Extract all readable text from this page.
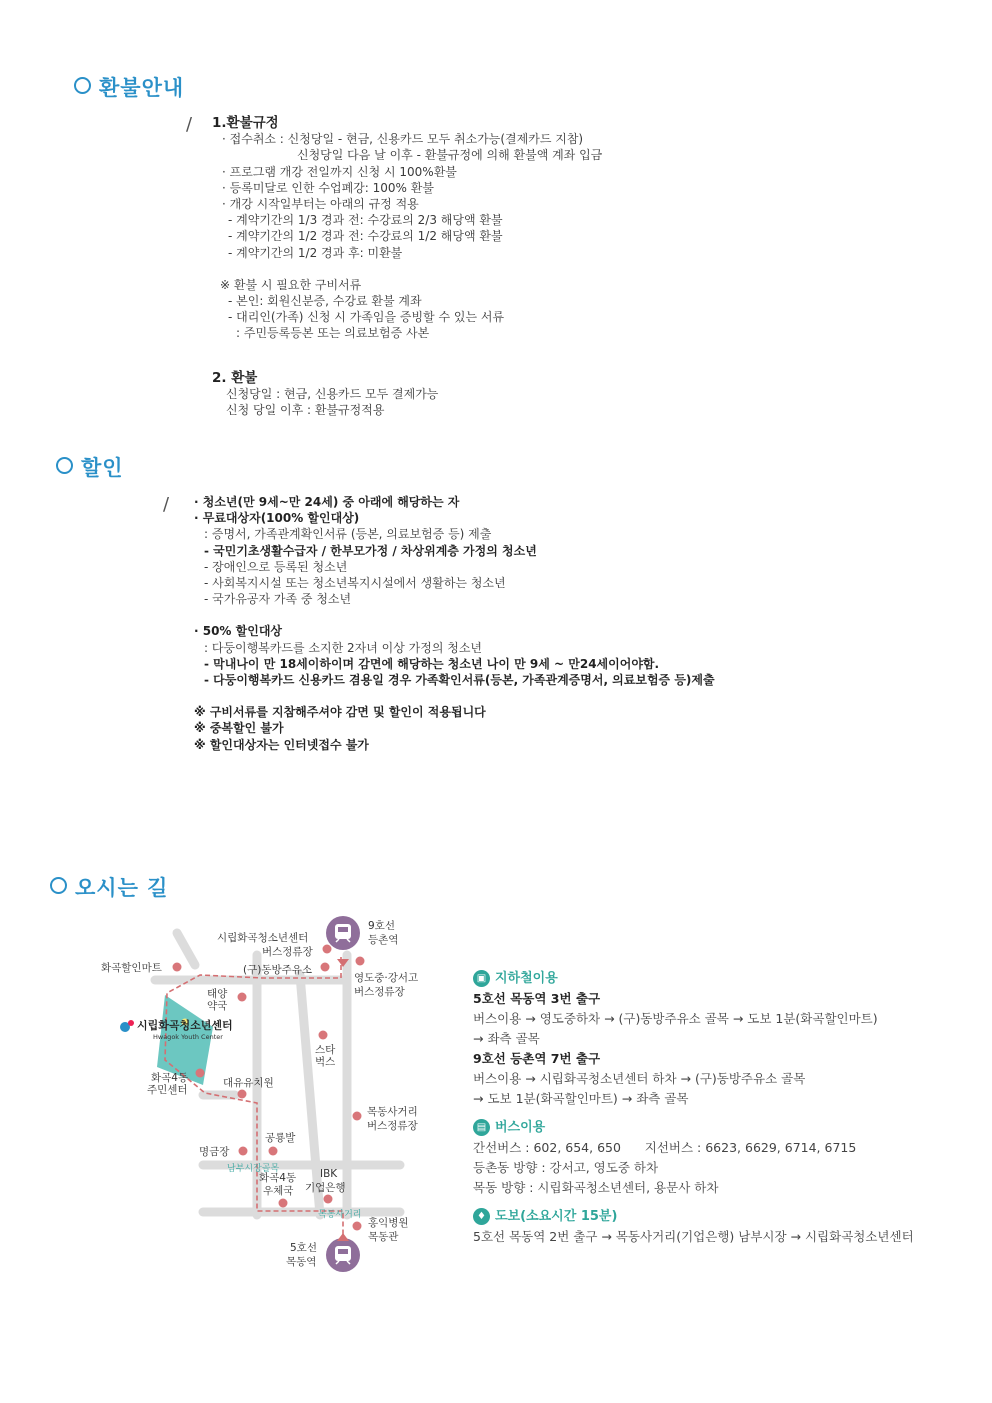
환불안내
/ 1.환불규정
· 접수취소 : 신청당일 - 현금, 신용카드 모두 취소가능(결제카드 지참)
신청당일 다음 날 이후 - 환불규정에 의해 환불액 계좌 입금
· 프로그램 개강 전일까지 신청 시 100%환불
· 등록미달로 인한 수업폐강: 100% 환불
· 개강 시작일부터는 아래의 규정 적용
- 계약기간의 1/3 경과 전: 수강료의 2/3 해당액 환불
- 계약기간의 1/2 경과 전: 수강료의 1/2 해당액 환불
- 계약기간의 1/2 경과 후: 미환불
※ 환불 시 필요한 구비서류
- 본인: 회원신분증, 수강료 환불 계좌
- 대리인(가족) 신청 시 가족임을 증빙할 수 있는 서류
: 주민등록등본 또는 의료보험증 사본
2. 환불
신청당일 : 현금, 신용카드 모두 결제가능
신청 당일 이후 : 환불규정적용
할인
/ · 청소년(만 9세~만 24세) 중 아래에 해당하는 자
· 무료대상자(100% 할인대상)
: 증명서, 가족관계확인서류 (등본, 의료보험증 등) 제출
- 국민기초생활수급자 / 한부모가정 / 차상위계층 가정의 청소년
- 장애인으로 등록된 청소년
- 사회복지시설 또는 청소년복지시설에서 생활하는 청소년
- 국가유공자 가족 중 청소년
· 50% 할인대상
: 다둥이행복카드를 소지한 2자녀 이상 가정의 청소년
- 막내나이 만 18세이하이며 감면에 해당하는 청소년 나이 만 9세 ~ 만24세이어야함.
- 다둥이행복카드 신용카드 겸용일 경우 가족확인서류(등본, 가족관계증명서, 의료보험증 등)제출
※ 구비서류를 지참해주셔야 감면 및 할인이 적용됩니다
※ 중복할인 불가
※ 할인대상자는 인터넷접수 불가
오시는 길
9호선
등촌역
시립화곡청소년센터
버스정류장
(구)동방주유소
화곡할인마트
영도중·강서고
버스정류장
태양
약국
시립화곡청소년센터
Hwagok Youth Center
스타
벅스
화곡4동
주민센터
대유유치원
목동사거리
버스정류장
공룡발
명금장
남부시장골목
화곡4동
우체국
IBK
기업은행
목동사거리
홍익병원
목동관
5호선
목동역
▣ 지하철이용
5호선 목동역 3번 출구
버스이용 → 영도중하차 → (구)동방주유소 골목 → 도보 1분(화곡할인마트)
→ 좌측 골목
9호선 등촌역 7번 출구
버스이용 → 시립화곡청소년센터 하차 → (구)동방주유소 골목
→ 도보 1분(화곡할인마트) → 좌측 골목
▤ 버스이용
간선버스 : 602, 654, 650      지선버스 : 6623, 6629, 6714, 6715
등촌동 방향 : 강서고, 영도중 하차
목동 방향 : 시립화곡청소년센터, 용문사 하차
♦ 도보(소요시간 15분)
5호선 목동역 2번 출구 → 목동사거리(기업은행) 남부시장 → 시립화곡청소년센터
